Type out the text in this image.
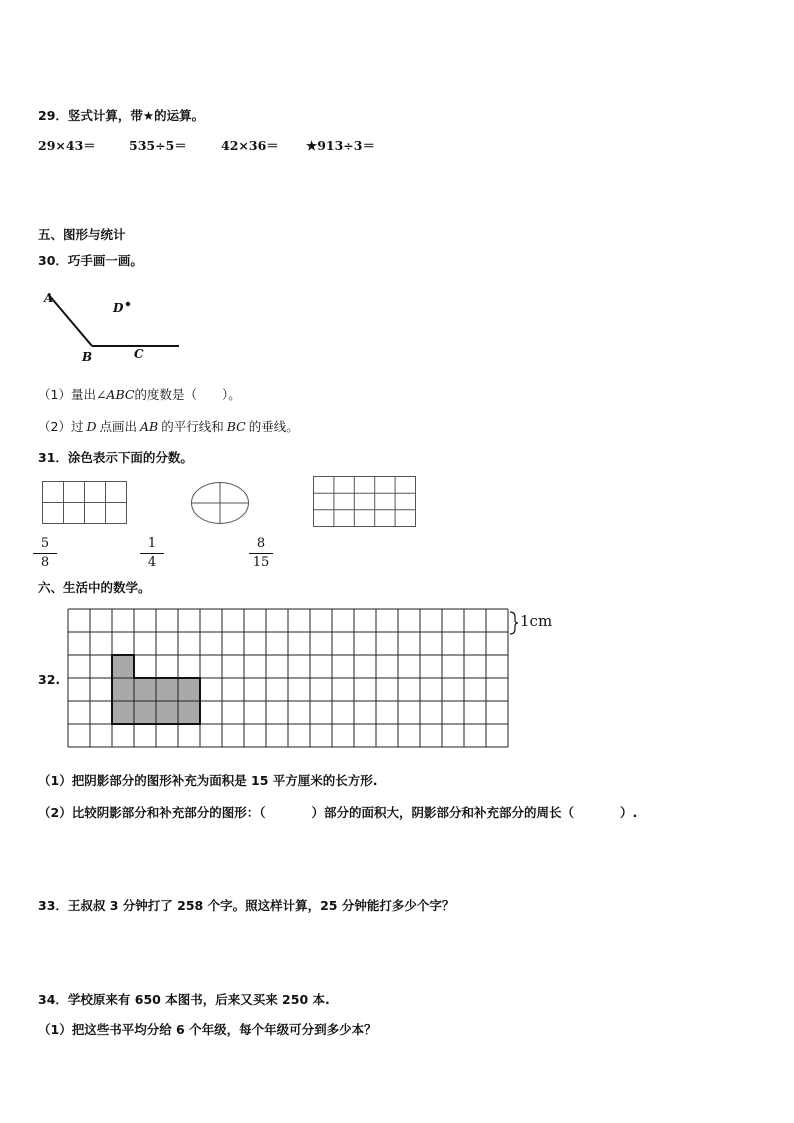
29．竖式计算，带★的运算。
29×43＝	535÷5＝	42×36＝ ★913÷3＝
五、图形与统计
30．巧手画一画。
A
D
B	C
（1）量出∠ABC的度数是（　　）。
（2）过 D 点画出 AB 的平行线和 BC 的垂线。
31．涂色表示下面的分数。
5
8
1
4
8
15
六、生活中的数学。
32.
1cm
（1）把阴影部分的图形补充为面积是 15 平方厘米的长方形.
（2）比较阴影部分和补充部分的图形：（	）部分的面积大，阴影部分和补充部分的周长（	）.
33．王叔叔 3 分钟打了 258 个字。照这样计算，25 分钟能打多少个字？
34．学校原来有 650 本图书，后来又买来 250 本.
（1）把这些书平均分给 6 个年级，每个年级可分到多少本？
